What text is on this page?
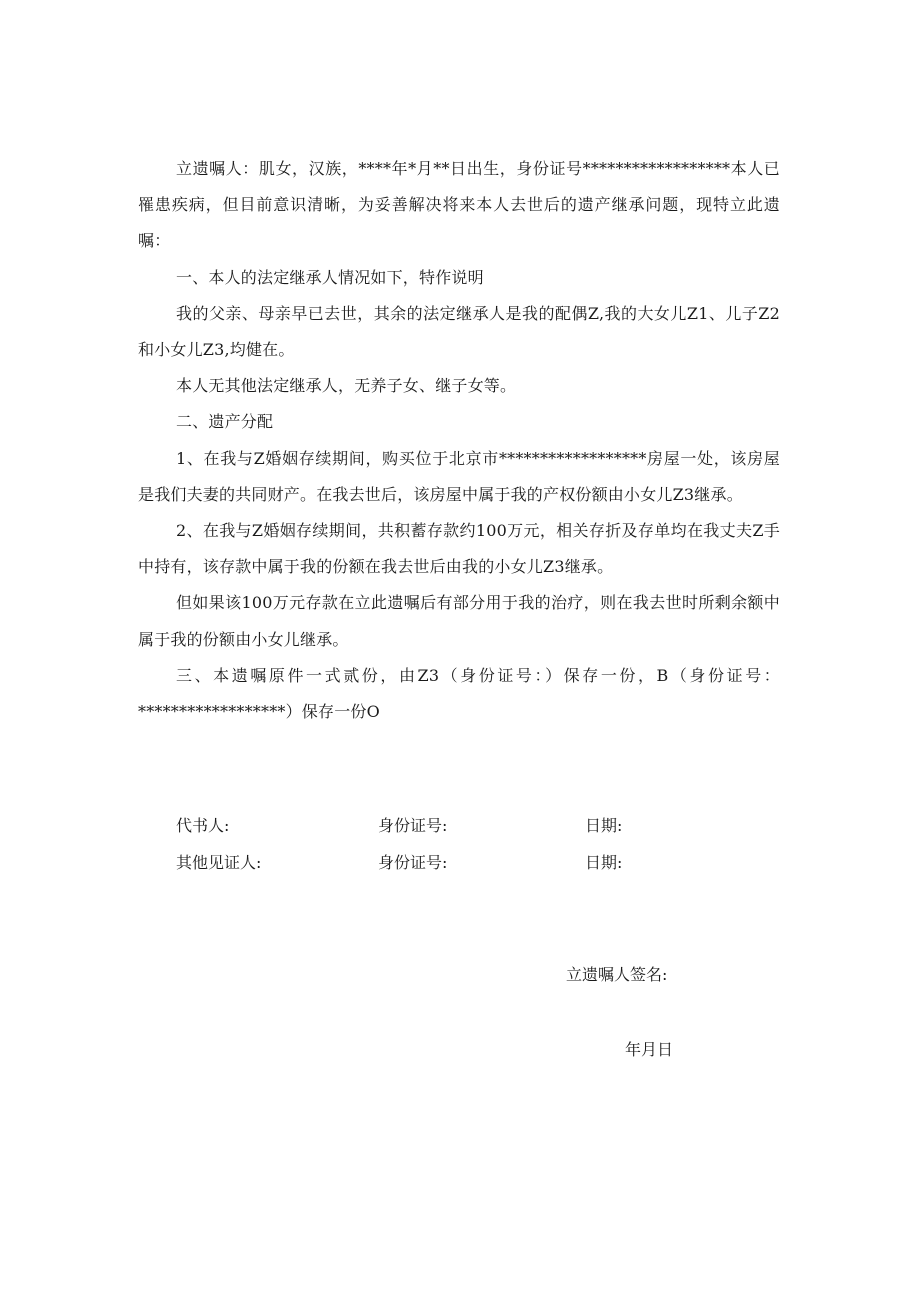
立遗嘱人：肌女，汉族，****年*月**日出生，身份证号******************本人已罹患疾病，但目前意识清晰，为妥善解决将来本人去世后的遗产继承问题，现特立此遗嘱：

一、本人的法定继承人情况如下，特作说明

我的父亲、母亲早已去世，其余的法定继承人是我的配偶Z,我的大女儿Z1、儿子Z2和小女儿Z3,均健在。

本人无其他法定继承人，无养子女、继子女等。

二、遗产分配

1、在我与Z婚姻存续期间，购买位于北京市******************房屋一处，该房屋是我们夫妻的共同财产。在我去世后，该房屋中属于我的产权份额由小女儿Z3继承。

2、在我与Z婚姻存续期间，共积蓄存款约100万元，相关存折及存单均在我丈夫Z手中持有，该存款中属于我的份额在我去世后由我的小女儿Z3继承。

但如果该100万元存款在立此遗嘱后有部分用于我的治疗，则在我去世时所剩余额中属于我的份额由小女儿继承。

三、本遗嘱原件一式贰份，由Z3（身份证号：）保存一份，B（身份证号：******************）保存一份O

代书人:	身份证号:	日期:
其他见证人:	身份证号:	日期:
立遗嘱人签名:
年月日
